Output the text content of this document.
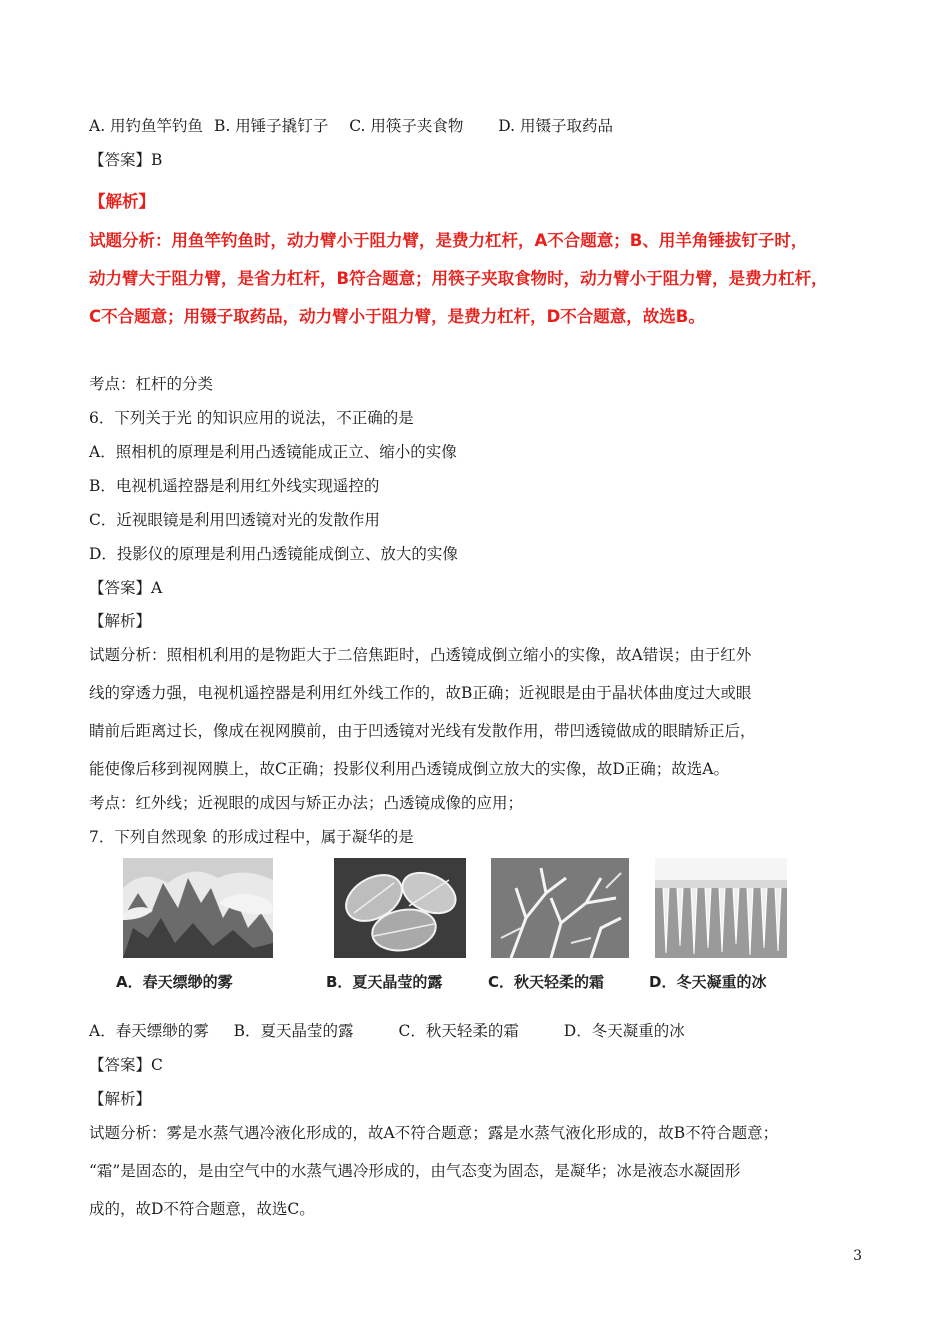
A. 用钓鱼竿钓鱼 B. 用锤子撬钉子 C. 用筷子夹食物 D. 用镊子取药品
【答案】B
【解析】
试题分析：用鱼竿钓鱼时，动力臂小于阻力臂，是费力杠杆，A不合题意；B、用羊角锤拔钉子时，
动力臂大于阻力臂，是省力杠杆，B符合题意；用筷子夹取食物时，动力臂小于阻力臂，是费力杠杆，
C不合题意；用镊子取药品，动力臂小于阻力臂，是费力杠杆，D不合题意，故选B。
考点：杠杆的分类
6．下列关于光 的知识应用的说法，不正确的是
A．照相机的原理是利用凸透镜能成正立、缩小的实像
B．电视机遥控器是利用红外线实现遥控的
C．近视眼镜是利用凹透镜对光的发散作用
D．投影仪的原理是利用凸透镜能成倒立、放大的实像
【答案】A
【解析】
试题分析：照相机利用的是物距大于二倍焦距时，凸透镜成倒立缩小的实像，故A错误；由于红外
线的穿透力强，电视机遥控器是利用红外线工作的，故B正确；近视眼是由于晶状体曲度过大或眼
睛前后距离过长，像成在视网膜前，由于凹透镜对光线有发散作用，带凹透镜做成的眼睛矫正后，
能使像后移到视网膜上，故C正确；投影仪利用凸透镜成倒立放大的实像，故D正确；故选A。
考点：红外线；近视眼的成因与矫正办法；凸透镜成像的应用；
7．下列自然现象 的形成过程中，属于凝华的是
A．春天缥缈的雾	B．夏天晶莹的露	C．秋天轻柔的霜	D．冬天凝重的冰
A．春天缥缈的雾 B．夏天晶莹的露	C．秋天轻柔的霜	D．冬天凝重的冰
【答案】C
【解析】
试题分析：雾是水蒸气遇冷液化形成的，故A不符合题意；露是水蒸气液化形成的，故B不符合题意；
“霜”是固态的，是由空气中的水蒸气遇冷形成的，由气态变为固态，是凝华；冰是液态水凝固形
成的，故D不符合题意，故选C。
3
